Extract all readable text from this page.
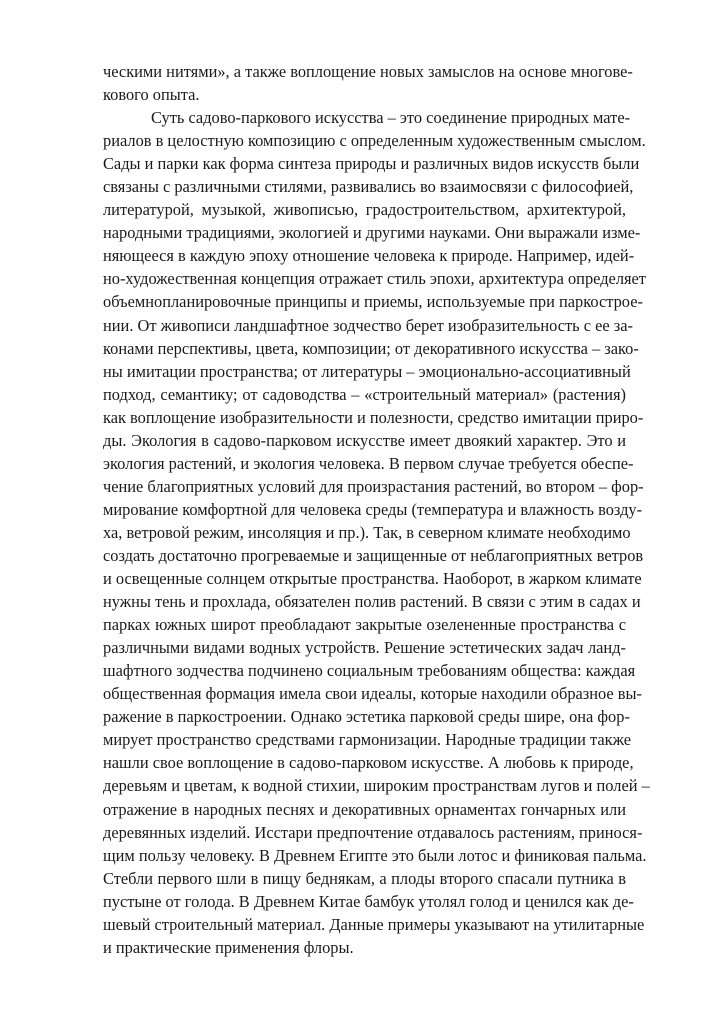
ческими нитями», а также воплощение новых замыслов на основе многове-
кового опыта.
Суть садово-паркового искусства – это соединение природных мате-
риалов в целостную композицию с определенным художественным смыслом.
Сады и парки как форма синтеза природы и различных видов искусств были
связаны с различными стилями, развивались во взаимосвязи с философией,
литературой, музыкой, живописью, градостроительством, архитектурой,
народными традициями, экологией и другими науками. Они выражали изме-
няющееся в каждую эпоху отношение человека к природе. Например, идей-
но-художественная концепция отражает стиль эпохи, архитектура определяет
объемнопланировочные принципы и приемы, используемые при паркострое-
нии. От живописи ландшафтное зодчество берет изобразительность с ее за-
конами перспективы, цвета, композиции; от декоративного искусства – зако-
ны имитации пространства; от литературы – эмоционально-ассоциативный
подход, семантику; от садоводства – «строительный материал» (растения)
как воплощение изобразительности и полезности, средство имитации приро-
ды. Экология в садово-парковом искусстве имеет двоякий характер. Это и
экология растений, и экология человека. В первом случае требуется обеспе-
чение благоприятных условий для произрастания растений, во втором – фор-
мирование комфортной для человека среды (температура и влажность возду-
ха, ветровой режим, инсоляция и пр.). Так, в северном климате необходимо
создать достаточно прогреваемые и защищенные от неблагоприятных ветров
и освещенные солнцем открытые пространства. Наоборот, в жарком климате
нужны тень и прохлада, обязателен полив растений. В связи с этим в садах и
парках южных широт преобладают закрытые озелененные пространства с
различными видами водных устройств. Решение эстетических задач ланд-
шафтного зодчества подчинено социальным требованиям общества: каждая
общественная формация имела свои идеалы, которые находили образное вы-
ражение в паркостроении. Однако эстетика парковой среды шире, она фор-
мирует пространство средствами гармонизации. Народные традиции также
нашли свое воплощение в садово-парковом искусстве. А любовь к природе,
деревьям и цветам, к водной стихии, широким пространствам лугов и полей –
отражение в народных песнях и декоративных орнаментах гончарных или
деревянных изделий. Исстари предпочтение отдавалось растениям, принося-
щим пользу человеку. В Древнем Египте это были лотос и финиковая пальма.
Стебли первого шли в пищу беднякам, а плоды второго спасали путника в
пустыне от голода. В Древнем Китае бамбук утолял голод и ценился как де-
шевый строительный материал. Данные примеры указывают на утилитарные
и практические применения флоры.
